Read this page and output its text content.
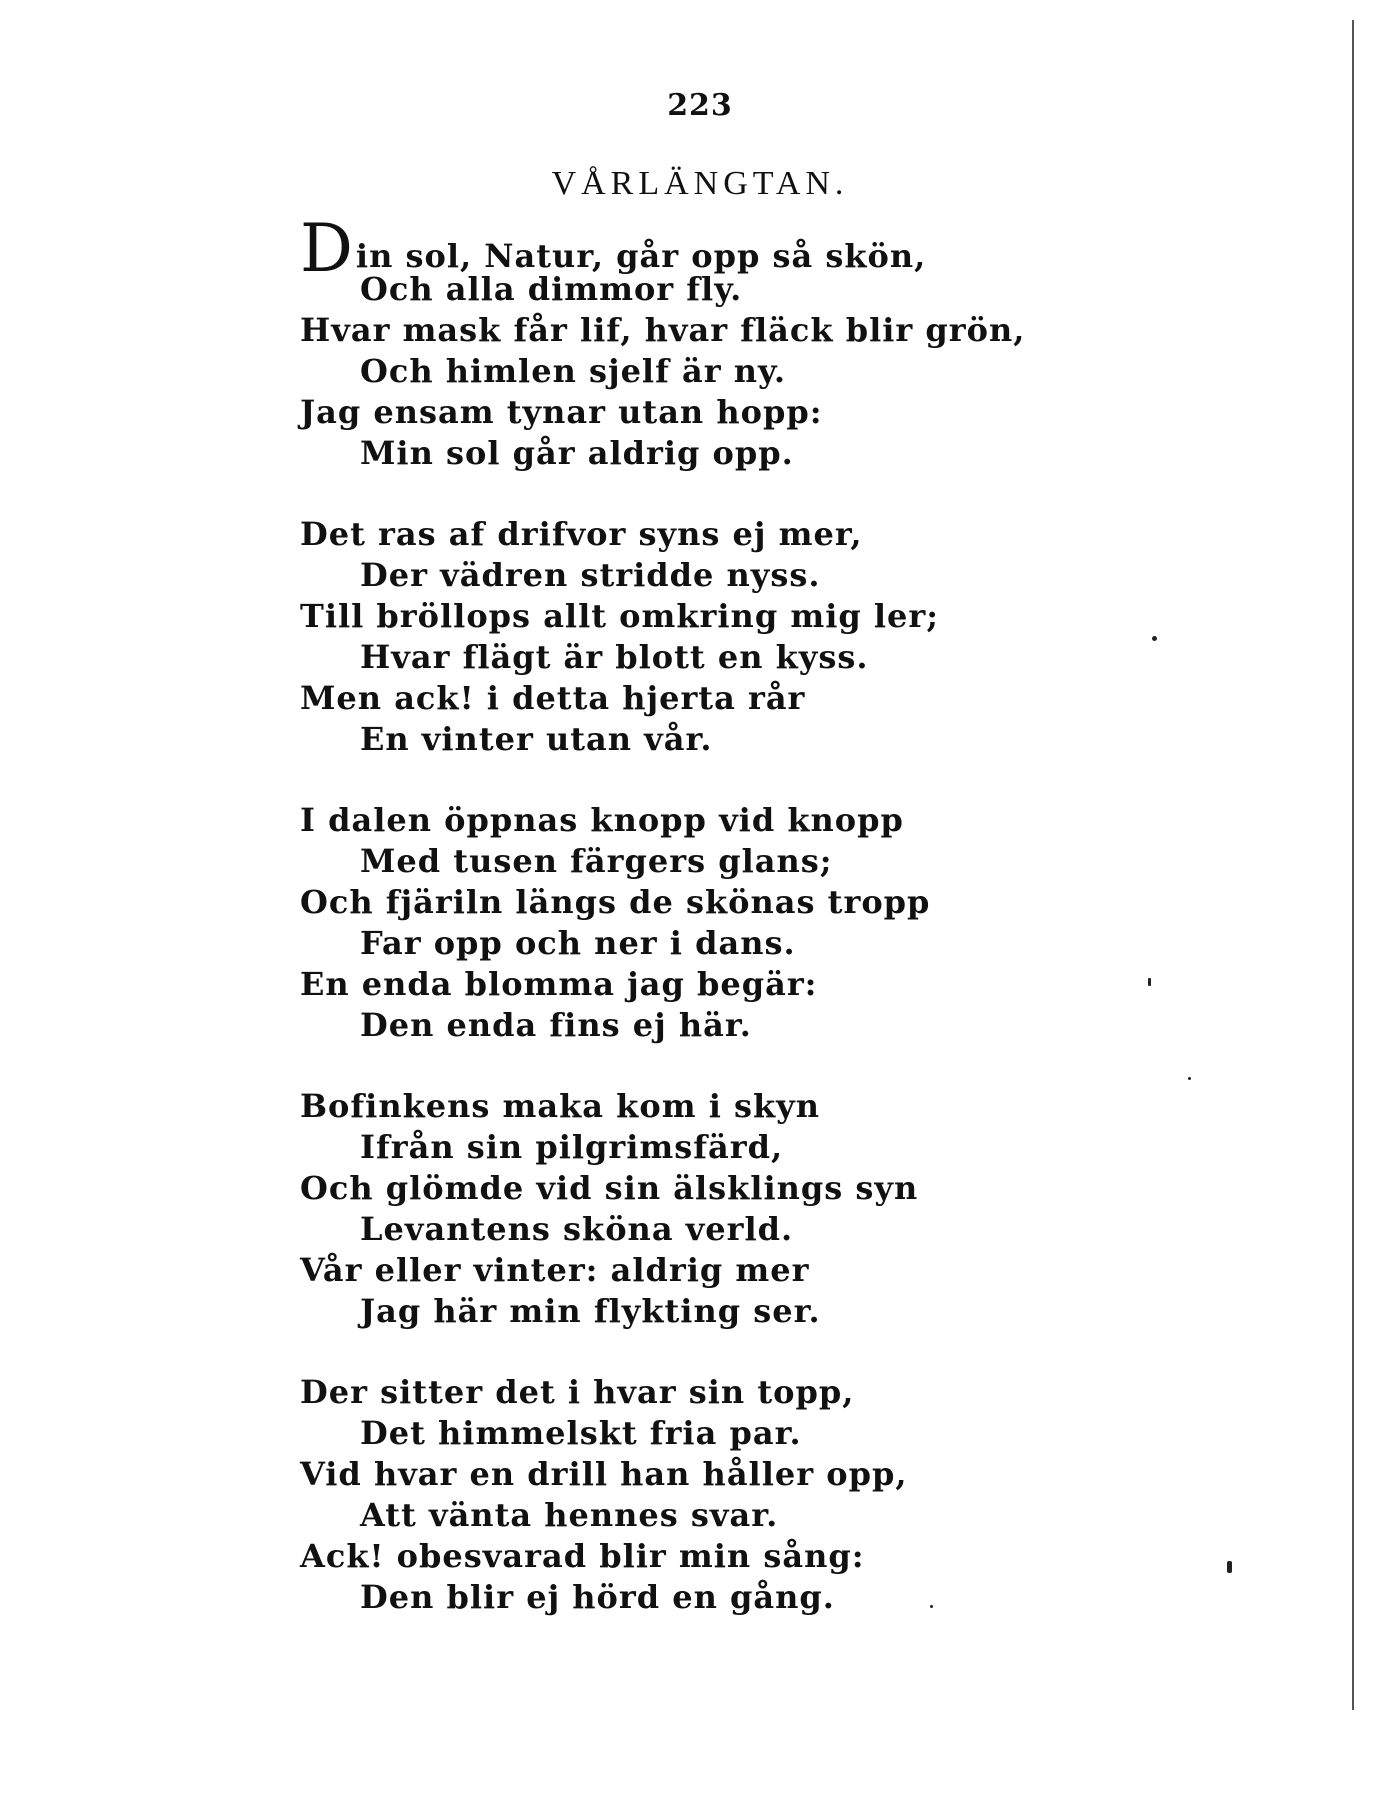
223
VÅRLÄNGTAN.
Din sol, Natur, går opp så skön,
Och alla dimmor fly.
Hvar mask får lif, hvar fläck blir grön,
Och himlen sjelf är ny.
Jag ensam tynar utan hopp:
Min sol går aldrig opp.
Det ras af drifvor syns ej mer,
Der vädren stridde nyss.
Till bröllops allt omkring mig ler;
Hvar flägt är blott en kyss.
Men ack! i detta hjerta rår
En vinter utan vår.
I dalen öppnas knopp vid knopp
Med tusen färgers glans;
Och fjäriln längs de skönas tropp
Far opp och ner i dans.
En enda blomma jag begär:
Den enda fins ej här.
Bofinkens maka kom i skyn
Ifrån sin pilgrimsfärd,
Och glömde vid sin älsklings syn
Levantens sköna verld.
Vår eller vinter: aldrig mer
Jag här min flykting ser.
Der sitter det i hvar sin topp,
Det himmelskt fria par.
Vid hvar en drill han håller opp,
Att vänta hennes svar.
Ack! obesvarad blir min sång:
Den blir ej hörd en gång.
